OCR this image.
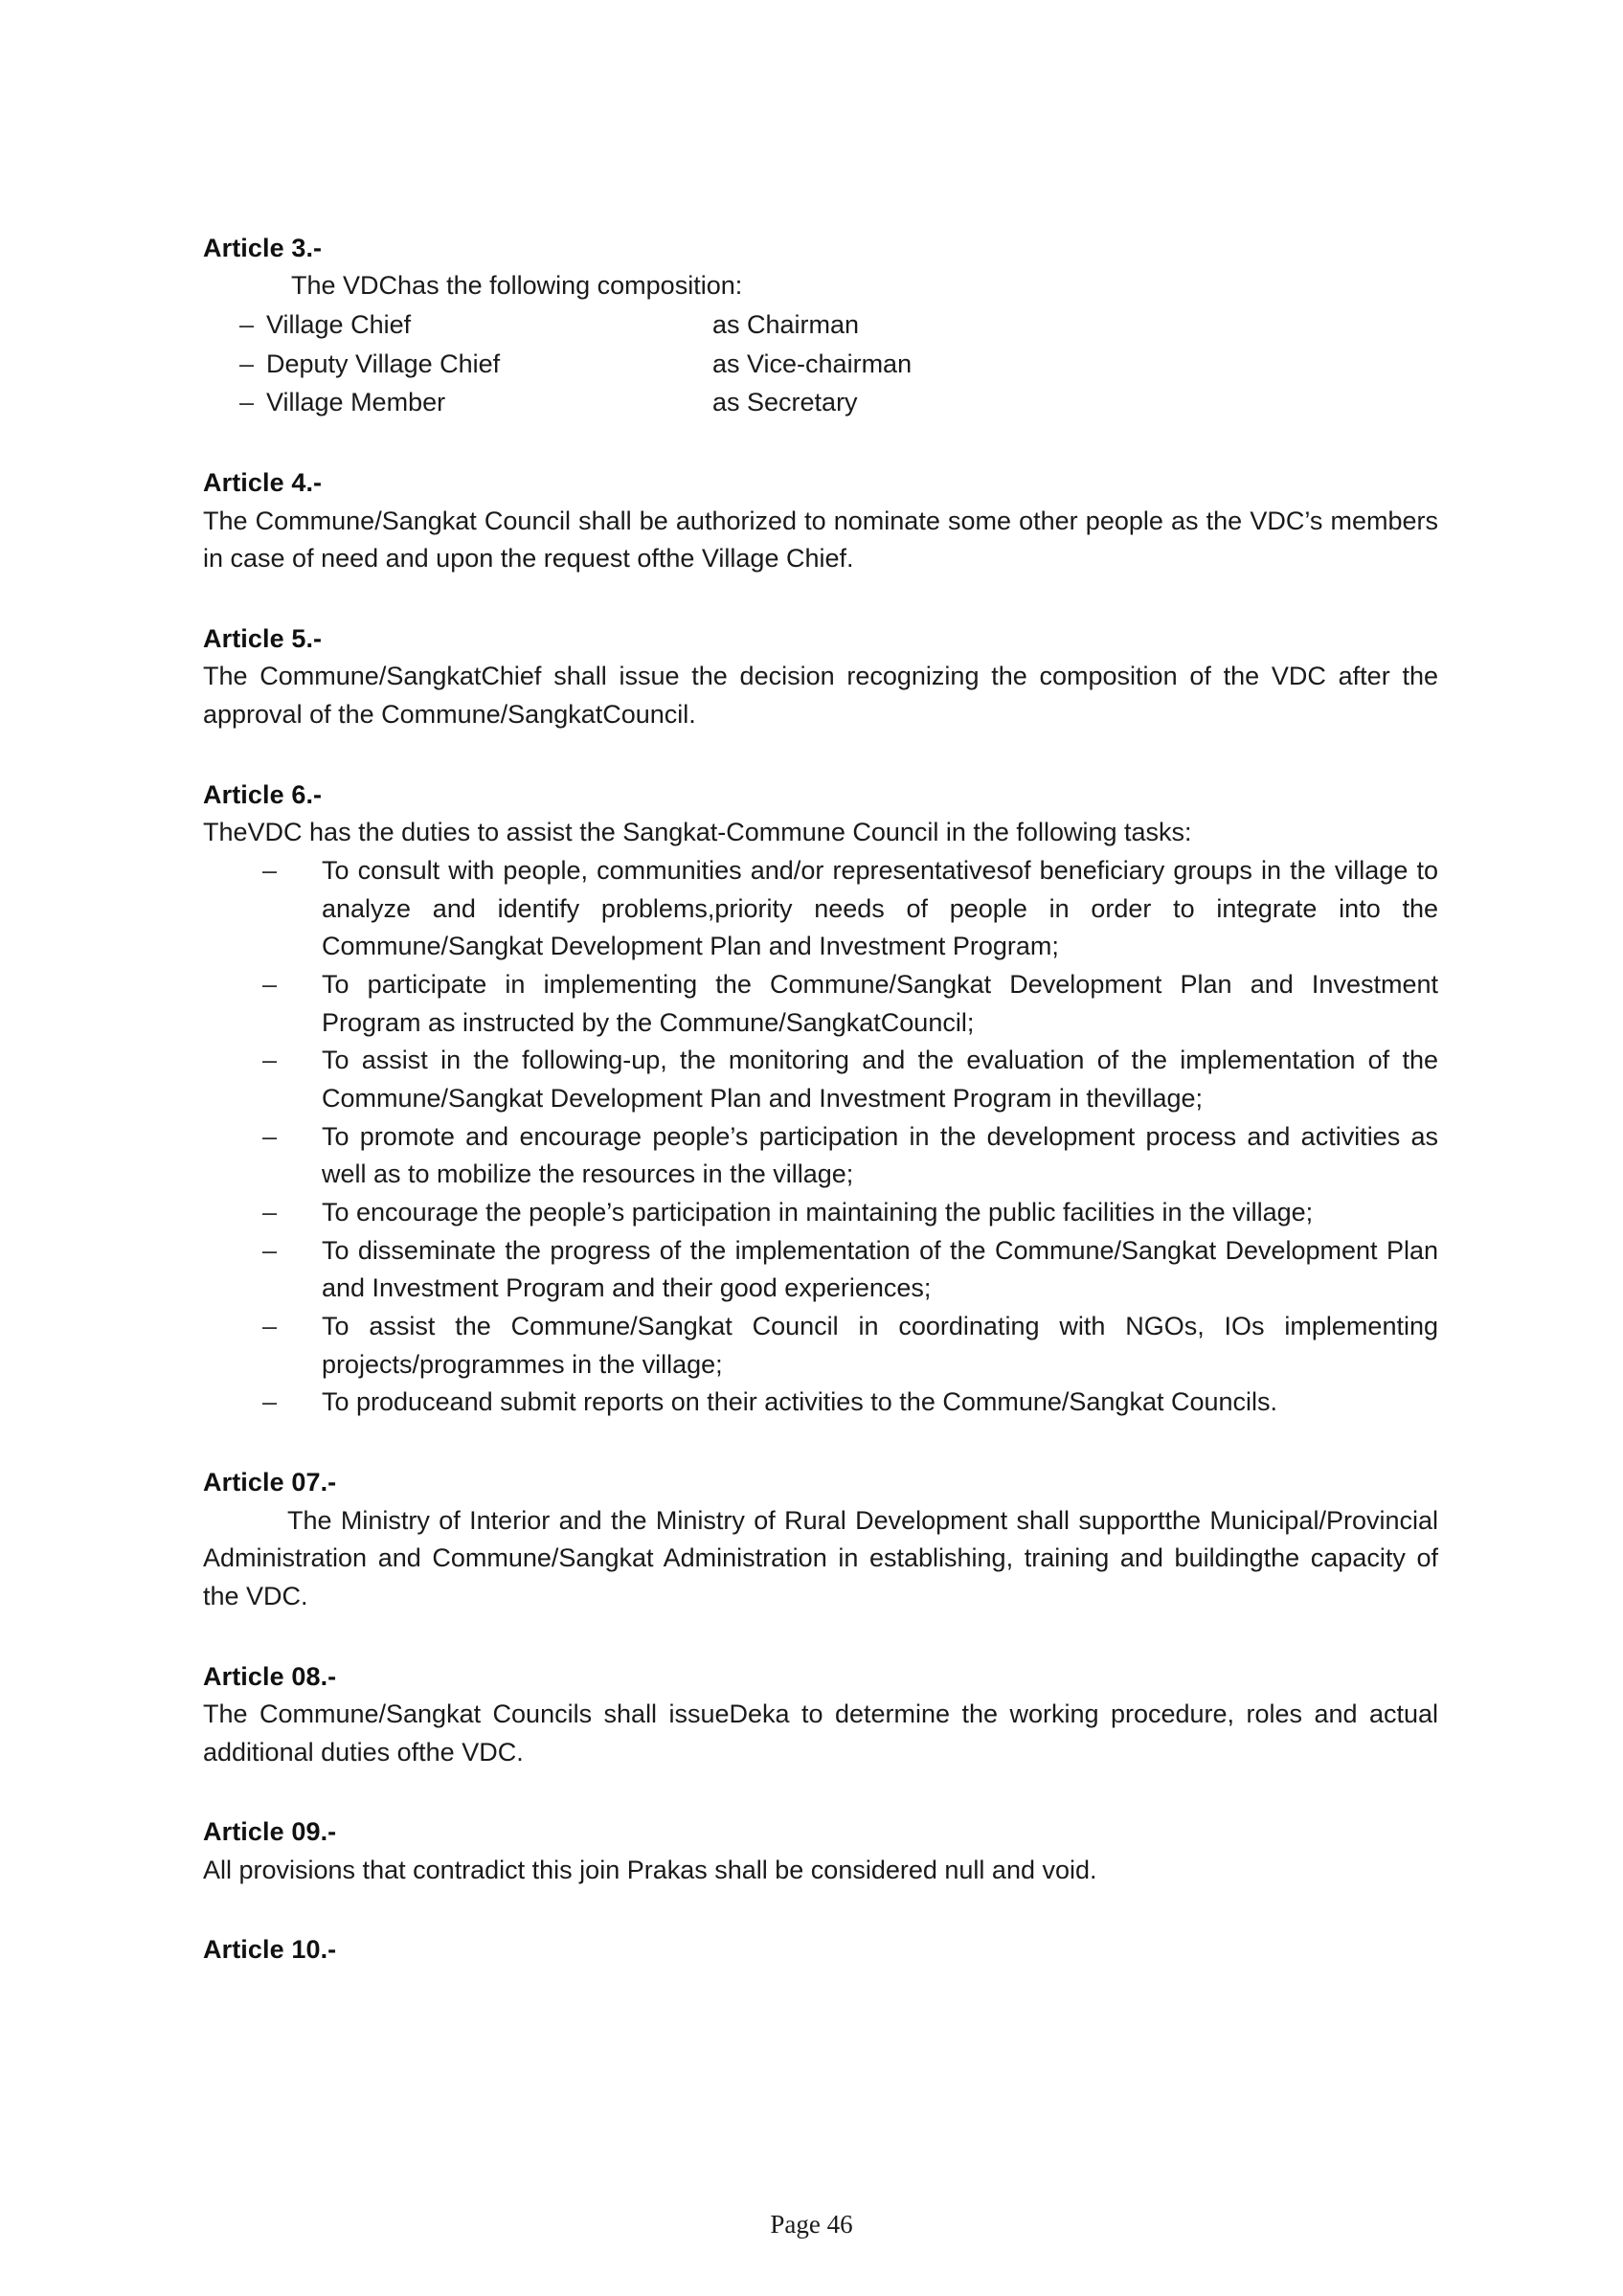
Article 3.-

The VDChas the following composition:

– Village Chief	as Chairman
– Deputy Village Chief	as Vice-chairman
– Village Member	as Secretary

Article 4.-

The Commune/Sangkat Council shall be authorized to nominate some other people as the VDC’s members in case of need and upon the request ofthe Village Chief.

Article 5.-

The Commune/SangkatChief shall issue the decision recognizing the composition of the VDC after the approval of the Commune/SangkatCouncil.

Article 6.-

TheVDC has the duties to assist the Sangkat-Commune Council in the following tasks:

– To consult with people, communities and/or representativesof beneficiary groups in the village to analyze and identify problems,priority needs of people in order to integrate into the Commune/Sangkat Development Plan and Investment Program;
– To participate in implementing the Commune/Sangkat Development Plan and Investment Program as instructed by the Commune/SangkatCouncil;
– To assist in the following-up, the monitoring and the evaluation of the implementation of the Commune/Sangkat Development Plan and Investment Program in thevillage;
– To promote and encourage people’s participation in the development process and activities as well as to mobilize the resources in the village;
– To encourage the people’s participation in maintaining the public facilities in the village;
– To disseminate the progress of the implementation of the Commune/Sangkat Development Plan and Investment Program and their good experiences;
– To assist the Commune/Sangkat Council in coordinating with NGOs, IOs implementing projects/programmes in the village;
– To produceand submit reports on their activities to the Commune/Sangkat Councils.

Article 07.-

The Ministry of Interior and the Ministry of Rural Development shall supportthe Municipal/Provincial Administration and Commune/Sangkat Administration in establishing, training and buildingthe capacity of the VDC.

Article 08.-

The Commune/Sangkat Councils shall issueDeka to determine the working procedure, roles and actual additional duties ofthe VDC.

Article 09.-

All provisions that contradict this join Prakas shall be considered null and void.

Article 10.-

Page 46
